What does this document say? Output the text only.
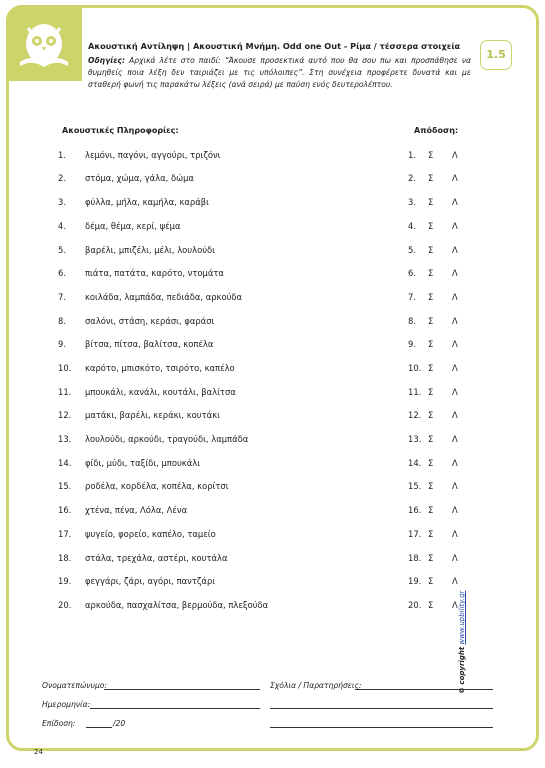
Ακουστική Αντίληψη | Ακουστική Μνήμη. Odd one Out - Ρίμα / τέσσερα στοιχεία
Οδηγίες: Αρχικά λέτε στο παιδί: “Άκουσε προσεκτικά αυτό που θα σου πω και προσπάθησε να θυμηθείς ποια λέξη δεν ταιριάζει με τις υπόλοιπες”. Στη συνέχεια προφέρετε δυνατά και με σταθερή φωνή τις παρακάτω λέξεις (ανά σειρά) με παύση ενός δευτερολέπτου.
1.5
Ακουστικές Πληροφορίες:	Απόδοση:
1. λεμόνι, παγόνι, αγγούρι, τριζόνι	1. Σ Λ
2. στόμα, χώμα, γάλα, δώμα	2. Σ Λ
3. φύλλα, μήλα, καμήλα, καράβι	3. Σ Λ
4. δέμα, θέμα, κερί, ψέμα	4. Σ Λ
5. βαρέλι, μπιζέλι, μέλι, λουλούδι	5. Σ Λ
6. πιάτα, πατάτα, καρότο, ντομάτα	6. Σ Λ
7. κοιλάδα, λαμπάδα, πεδιάδα, αρκούδα	7. Σ Λ
8. σαλόνι, στάση, κεράσι, φαράσι	8. Σ Λ
9. βίτσα, πίτσα, βαλίτσα, κοπέλα	9. Σ Λ
10. καρότο, μπισκότο, τσιρότο, καπέλο	10. Σ Λ
11. μπουκάλι, κανάλι, κουτάλι, βαλίτσα	11. Σ Λ
12. ματάκι, βαρέλι, κεράκι, κουτάκι	12. Σ Λ
13. λουλούδι, αρκούδι, τραγούδι, λαμπάδα	13. Σ Λ
14. φίδι, μύδι, ταξίδι, μπουκάλι	14. Σ Λ
15. ροδέλα, κορδέλα, κοπέλα, κορίτσι	15. Σ Λ
16. χτένα, πένα, Λόλα, Λένα	16. Σ Λ
17. ψυγείο, φορείο, καπέλο, ταμείο	17. Σ Λ
18. στάλα, τρεχάλα, αστέρι, κουτάλα	18. Σ Λ
19. φεγγάρι, ζάρι, αγόρι, παντζάρι	19. Σ Λ
20. αρκούδα, πασχαλίτσα, βερμούδα, πλεξούδα	20. Σ Λ
Ονοματεπώνυμο:
Ημερομηνία:
Επίδοση:	/20
Σχόλια / Παρατηρήσεις:	© copyright www.upbility.gr
24
